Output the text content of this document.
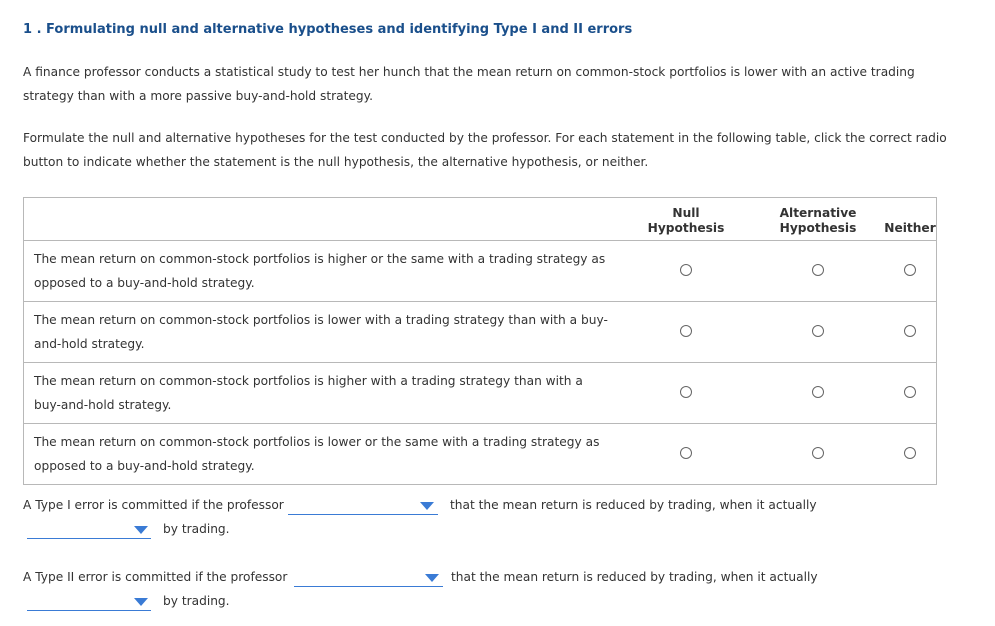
1 . Formulating null and alternative hypotheses and identifying Type I and II errors
A finance professor conducts a statistical study to test her hunch that the mean return on common-stock portfolios is lower with an active trading strategy than with a more passive buy-and-hold strategy.
Formulate the null and alternative hypotheses for the test conducted by the professor. For each statement in the following table, click the correct radio button to indicate whether the statement is the null hypothesis, the alternative hypothesis, or neither.

	Null Hypothesis	Alternative Hypothesis	Neither
The mean return on common-stock portfolios is higher or the same with a trading strategy as opposed to a buy-and-hold strategy.			
The mean return on common-stock portfolios is lower with a trading strategy than with a buy-and-hold strategy.			
The mean return on common-stock portfolios is higher with a trading strategy than with a buy-and-hold strategy.			
The mean return on common-stock portfolios is lower or the same with a trading strategy as opposed to a buy-and-hold strategy.			
A Type I error is committed if the professor	that the mean return is reduced by trading, when it actually
by trading.
A Type II error is committed if the professor	that the mean return is reduced by trading, when it actually
by trading.
